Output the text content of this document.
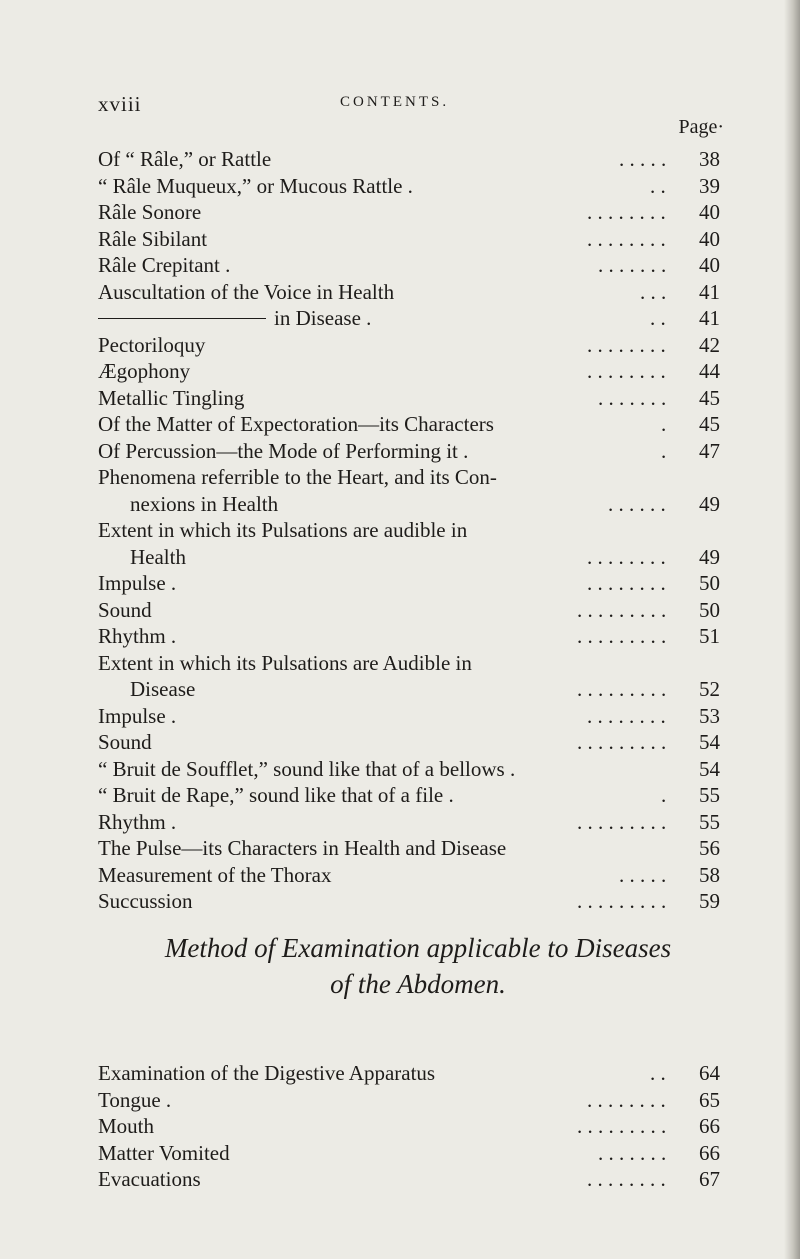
xviii	CONTENTS.
Page·
Of “ Râle,” or Rattle	. . . . .	38
“ Râle Muqueux,” or Mucous Rattle .	. .	39
Râle Sonore	. . . . . . . .	40
Râle Sibilant	. . . . . . . .	40
Râle Crepitant .	. . . . . . .	40
Auscultation of the Voice in Health	. . .	41
in Disease .	. .	41
Pectoriloquy	. . . . . . . .	42
Ægophony	. . . . . . . .	44
Metallic Tingling	. . . . . . .	45
Of the Matter of Expectoration—its Characters	.	45
Of Percussion—the Mode of Performing it .	.	47
Phenomena referrible to the Heart, and its Con-
nexions in Health	. . . . . .	49
Extent in which its Pulsations are audible in
Health	. . . . . . . .	49
Impulse .	. . . . . . . .	50
Sound	. . . . . . . . .	50
Rhythm .	. . . . . . . . .	51
Extent in which its Pulsations are Audible in
Disease	. . . . . . . . .	52
Impulse .	. . . . . . . .	53
Sound	. . . . . . . . .	54
“ Bruit de Soufflet,” sound like that of a bellows .	54
“ Bruit de Rape,” sound like that of a file .	.	55
Rhythm .	. . . . . . . . .	55
The Pulse—its Characters in Health and Disease	56
Measurement of the Thorax	. . . . .	58
Succussion	. . . . . . . . .	59
Method of Examination applicable to Diseases
of the Abdomen.
Examination of the Digestive Apparatus	. .	64
Tongue .	. . . . . . . .	65
Mouth	. . . . . . . . .	66
Matter Vomited	. . . . . . .	66
Evacuations	. . . . . . . .	67
